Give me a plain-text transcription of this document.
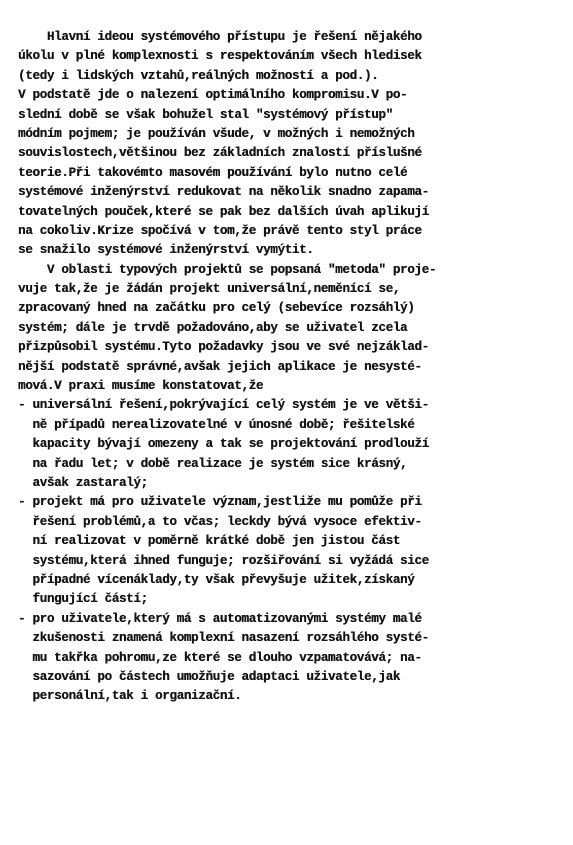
Hlavní ideou systémového přístupu je řešení nějakého
úkolu v plné komplexnosti s respektováním všech hledisek
(tedy i lidských vztahů,reálných možností a pod.).
V podstatě jde o nalezení optimálního kompromisu.V po-
slední době se však bohužel stal "systémový přístup"
módním pojmem; je používán všude, v možných i nemožných
souvislostech,většinou bez základních znalostí příslušné
teorie.Při takovémto masovém používání bylo nutno celé
systémové inženýrství redukovat na několik snadno zapama-
tovatelných pouček,které se pak bez dalších úvah aplikují
na cokoliv.Krize spočívá v tom,že právě tento styl práce
se snažilo systémové inženýrství vymýtit.
V oblasti typových projektů se popsaná "metoda" proje-
vuje tak,že je žádán projekt universální,neměnící se,
zpracovaný hned na začátku pro celý (sebevíce rozsáhlý)
systém; dále je trvdě požadováno,aby se uživatel zcela
přizpůsobil systému.Tyto požadavky jsou ve své nejzáklad-
nější podstatě správné,avšak jejich aplikace je nesysté-
mová.V praxi musíme konstatovat,že
- universální řešení,pokrývající celý systém je ve větši-
ně případů nerealizovatelné v únosné době; řešitelské
kapacity bývají omezeny a tak se projektování prodlouží
na řadu let; v době realizace je systém sice krásný,
avšak zastaralý;
- projekt má pro uživatele význam,jestliže mu pomůže při
řešení problémů,a to včas; leckdy bývá vysoce efektiv-
ní realizovat v poměrně krátké době jen jistou část
systému,která ihned funguje; rozšiřování si vyžádá sice
případné vícenáklady,ty však převyšuje užitek,získaný
fungující částí;
- pro uživatele,který má s automatizovanými systémy malé
zkušenosti znamená komplexní nasazení rozsáhlého systé-
mu takřka pohromu,ze které se dlouho vzpamatovává; na-
sazování po částech umožňuje adaptaci uživatele,jak
personální,tak i organizační.
